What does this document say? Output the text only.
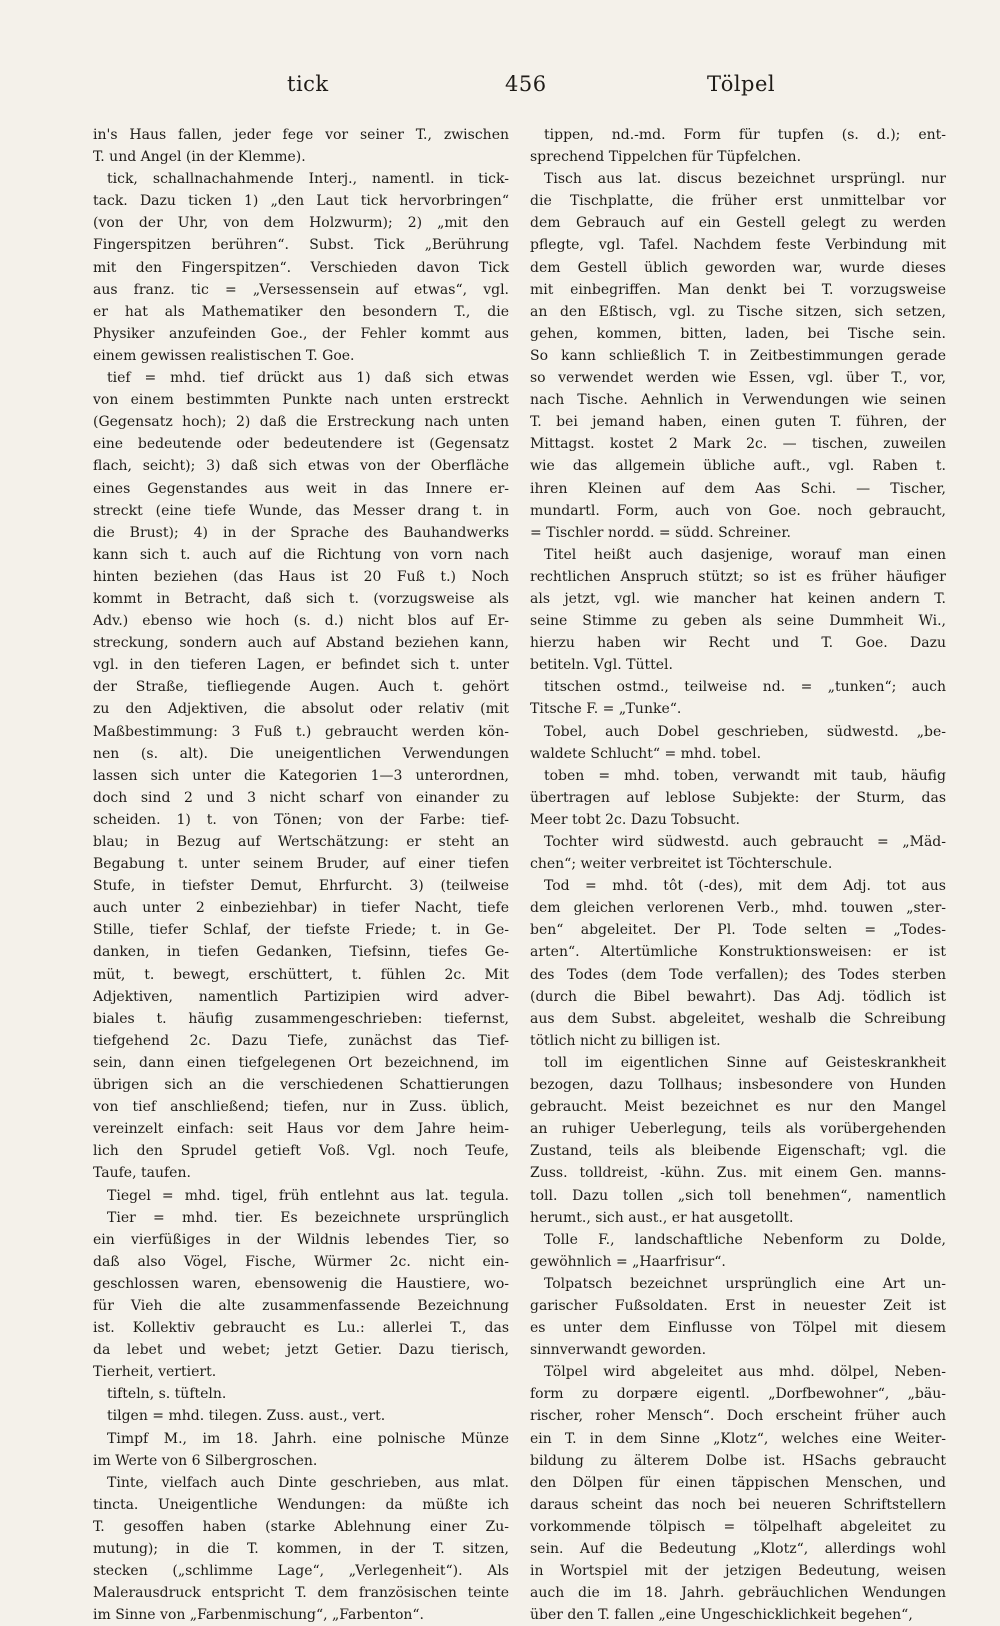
tick	456	Tölpel
in's Haus fallen, jeder fege vor seiner T., zwischen
T. und Angel (in der Klemme).
tick, schallnachahmende Interj., namentl. in tick-
tack. Dazu ticken 1) „den Laut tick hervorbringen“
(von der Uhr, von dem Holzwurm); 2) „mit den
Fingerspitzen berühren“. Subst. Tick „Berührung
mit den Fingerspitzen“. Verschieden davon Tick
aus franz. tic = „Versessensein auf etwas“, vgl.
er hat als Mathematiker den besondern T., die
Physiker anzufeinden Goe., der Fehler kommt aus
einem gewissen realistischen T. Goe.
tief = mhd. tief drückt aus 1) daß sich etwas
von einem bestimmten Punkte nach unten erstreckt
(Gegensatz hoch); 2) daß die Erstreckung nach unten
eine bedeutende oder bedeutendere ist (Gegensatz
flach, seicht); 3) daß sich etwas von der Oberfläche
eines Gegenstandes aus weit in das Innere er-
streckt (eine tiefe Wunde, das Messer drang t. in
die Brust); 4) in der Sprache des Bauhandwerks
kann sich t. auch auf die Richtung von vorn nach
hinten beziehen (das Haus ist 20 Fuß t.) Noch
kommt in Betracht, daß sich t. (vorzugsweise als
Adv.) ebenso wie hoch (s. d.) nicht blos auf Er-
streckung, sondern auch auf Abstand beziehen kann,
vgl. in den tieferen Lagen, er befindet sich t. unter
der Straße, tiefliegende Augen. Auch t. gehört
zu den Adjektiven, die absolut oder relativ (mit
Maßbestimmung: 3 Fuß t.) gebraucht werden kön-
nen (s. alt). Die uneigentlichen Verwendungen
lassen sich unter die Kategorien 1—3 unterordnen,
doch sind 2 und 3 nicht scharf von einander zu
scheiden. 1) t. von Tönen; von der Farbe: tief-
blau; in Bezug auf Wertschätzung: er steht an
Begabung t. unter seinem Bruder, auf einer tiefen
Stufe, in tiefster Demut, Ehrfurcht. 3) (teilweise
auch unter 2 einbeziehbar) in tiefer Nacht, tiefe
Stille, tiefer Schlaf, der tiefste Friede; t. in Ge-
danken, in tiefen Gedanken, Tiefsinn, tiefes Ge-
müt, t. bewegt, erschüttert, t. fühlen 2c. Mit
Adjektiven, namentlich Partizipien wird adver-
biales t. häufig zusammengeschrieben: tiefernst,
tiefgehend 2c. Dazu Tiefe, zunächst das Tief-
sein, dann einen tiefgelegenen Ort bezeichnend, im
übrigen sich an die verschiedenen Schattierungen
von tief anschließend; tiefen, nur in Zuss. üblich,
vereinzelt einfach: seit Haus vor dem Jahre heim-
lich den Sprudel getieft Voß. Vgl. noch Teufe,
Taufe, taufen.
Tiegel = mhd. tigel, früh entlehnt aus lat. tegula.
Tier = mhd. tier. Es bezeichnete ursprünglich
ein vierfüßiges in der Wildnis lebendes Tier, so
daß also Vögel, Fische, Würmer 2c. nicht ein-
geschlossen waren, ebensowenig die Haustiere, wo-
für Vieh die alte zusammenfassende Bezeichnung
ist. Kollektiv gebraucht es Lu.: allerlei T., das
da lebet und webet; jetzt Getier. Dazu tierisch,
Tierheit, vertiert.
tifteln, s. tüfteln.
tilgen = mhd. tilegen. Zuss. aust., vert.
Timpf M., im 18. Jahrh. eine polnische Münze
im Werte von 6 Silbergroschen.
Tinte, vielfach auch Dinte geschrieben, aus mlat.
tincta. Uneigentliche Wendungen: da müßte ich
T. gesoffen haben (starke Ablehnung einer Zu-
mutung); in die T. kommen, in der T. sitzen,
stecken („schlimme Lage“, „Verlegenheit“). Als
Malerausdruck entspricht T. dem französischen teinte
im Sinne von „Farbenmischung“, „Farbenton“.
tippen, nd.-md. Form für tupfen (s. d.); ent-
sprechend Tippelchen für Tüpfelchen.
Tisch aus lat. discus bezeichnet ursprüngl. nur
die Tischplatte, die früher erst unmittelbar vor
dem Gebrauch auf ein Gestell gelegt zu werden
pflegte, vgl. Tafel. Nachdem feste Verbindung mit
dem Gestell üblich geworden war, wurde dieses
mit einbegriffen. Man denkt bei T. vorzugsweise
an den Eßtisch, vgl. zu Tische sitzen, sich setzen,
gehen, kommen, bitten, laden, bei Tische sein.
So kann schließlich T. in Zeitbestimmungen gerade
so verwendet werden wie Essen, vgl. über T., vor,
nach Tische. Aehnlich in Verwendungen wie seinen
T. bei jemand haben, einen guten T. führen, der
Mittagst. kostet 2 Mark 2c. — tischen, zuweilen
wie das allgemein übliche auft., vgl. Raben t.
ihren Kleinen auf dem Aas Schi. — Tischer,
mundartl. Form, auch von Goe. noch gebraucht,
= Tischler nordd. = südd. Schreiner.
Titel heißt auch dasjenige, worauf man einen
rechtlichen Anspruch stützt; so ist es früher häufiger
als jetzt, vgl. wie mancher hat keinen andern T.
seine Stimme zu geben als seine Dummheit Wi.,
hierzu haben wir Recht und T. Goe. Dazu
betiteln. Vgl. Tüttel.
titschen ostmd., teilweise nd. = „tunken“; auch
Titsche F. = „Tunke“.
Tobel, auch Dobel geschrieben, südwestd. „be-
waldete Schlucht“ = mhd. tobel.
toben = mhd. toben, verwandt mit taub, häufig
übertragen auf leblose Subjekte: der Sturm, das
Meer tobt 2c. Dazu Tobsucht.
Tochter wird südwestd. auch gebraucht = „Mäd-
chen“; weiter verbreitet ist Töchterschule.
Tod = mhd. tôt (-des), mit dem Adj. tot aus
dem gleichen verlorenen Verb., mhd. touwen „ster-
ben“ abgeleitet. Der Pl. Tode selten = „Todes-
arten“. Altertümliche Konstruktionsweisen: er ist
des Todes (dem Tode verfallen); des Todes sterben
(durch die Bibel bewahrt). Das Adj. tödlich ist
aus dem Subst. abgeleitet, weshalb die Schreibung
tötlich nicht zu billigen ist.
toll im eigentlichen Sinne auf Geisteskrankheit
bezogen, dazu Tollhaus; insbesondere von Hunden
gebraucht. Meist bezeichnet es nur den Mangel
an ruhiger Ueberlegung, teils als vorübergehenden
Zustand, teils als bleibende Eigenschaft; vgl. die
Zuss. tolldreist, -kühn. Zus. mit einem Gen. manns-
toll. Dazu tollen „sich toll benehmen“, namentlich
herumt., sich aust., er hat ausgetollt.
Tolle F., landschaftliche Nebenform zu Dolde,
gewöhnlich = „Haarfrisur“.
Tolpatsch bezeichnet ursprünglich eine Art un-
garischer Fußsoldaten. Erst in neuester Zeit ist
es unter dem Einflusse von Tölpel mit diesem
sinnverwandt geworden.
Tölpel wird abgeleitet aus mhd. dölpel, Neben-
form zu dorpære eigentl. „Dorfbewohner“, „bäu-
rischer, roher Mensch“. Doch erscheint früher auch
ein T. in dem Sinne „Klotz“, welches eine Weiter-
bildung zu älterem Dolbe ist. HSachs gebraucht
den Dölpen für einen täppischen Menschen, und
daraus scheint das noch bei neueren Schriftstellern
vorkommende tölpisch = tölpelhaft abgeleitet zu
sein. Auf die Bedeutung „Klotz“, allerdings wohl
in Wortspiel mit der jetzigen Bedeutung, weisen
auch die im 18. Jahrh. gebräuchlichen Wendungen
über den T. fallen „eine Ungeschicklichkeit begehen“,
